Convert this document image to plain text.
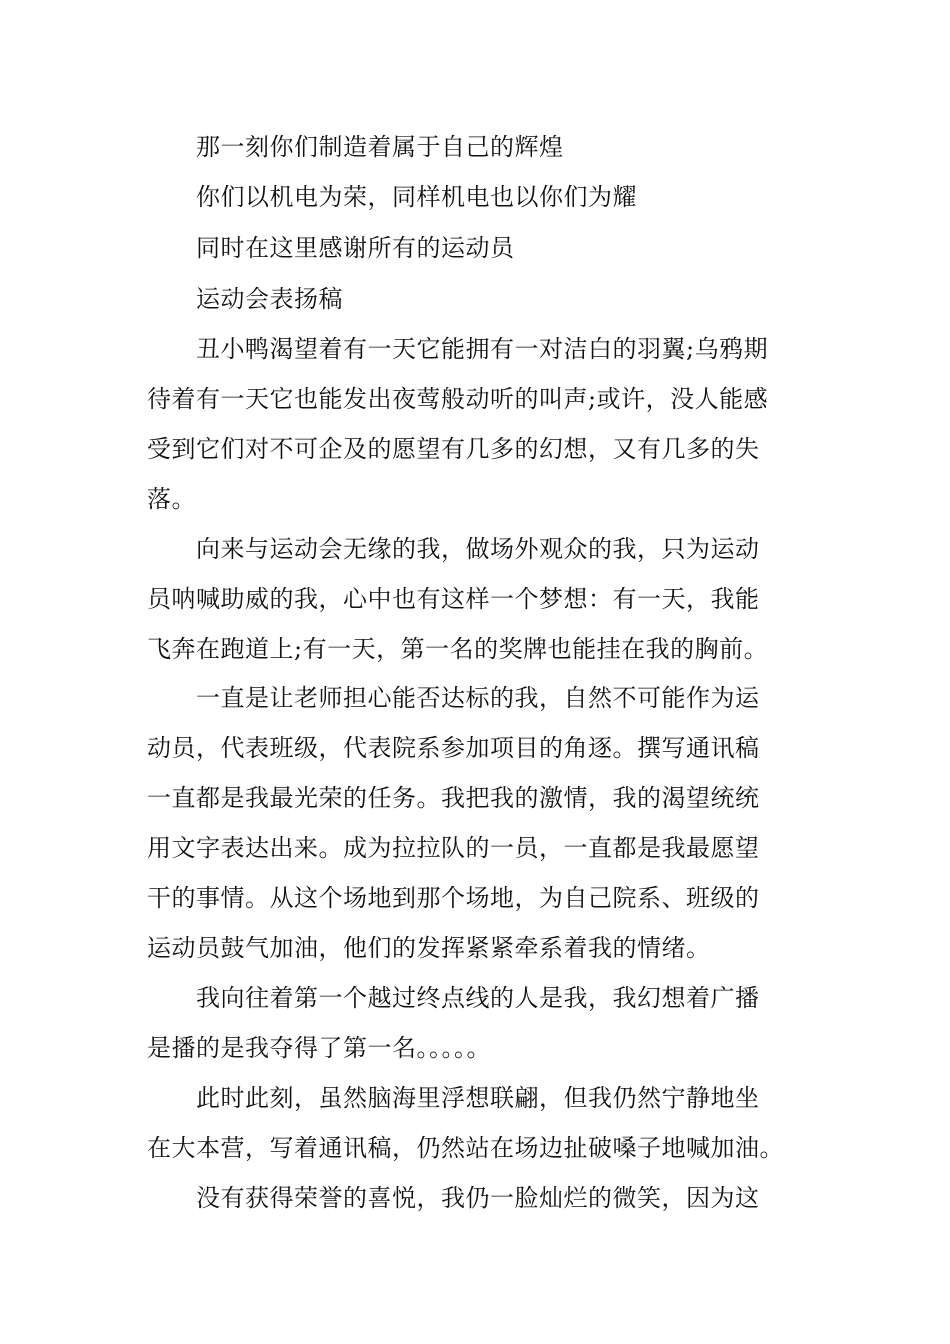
那一刻你们制造着属于自己的辉煌

你们以机电为荣，同样机电也以你们为耀

同时在这里感谢所有的运动员

运动会表扬稿

丑小鸭渴望着有一天它能拥有一对洁白的羽翼;乌鸦期

待着有一天它也能发出夜莺般动听的叫声;或许，没人能感

受到它们对不可企及的愿望有几多的幻想，又有几多的失

落。

向来与运动会无缘的我，做场外观众的我，只为运动

员呐喊助威的我，心中也有这样一个梦想：有一天，我能

飞奔在跑道上;有一天，第一名的奖牌也能挂在我的胸前。

一直是让老师担心能否达标的我，自然不可能作为运

动员，代表班级，代表院系参加项目的角逐。撰写通讯稿

一直都是我最光荣的任务。我把我的激情，我的渴望统统

用文字表达出来。成为拉拉队的一员，一直都是我最愿望

干的事情。从这个场地到那个场地，为自己院系、班级的

运动员鼓气加油，他们的发挥紧紧牵系着我的情绪。

我向往着第一个越过终点线的人是我，我幻想着广播

是播的是我夺得了第一名。。。。。

此时此刻，虽然脑海里浮想联翩，但我仍然宁静地坐

在大本营，写着通讯稿，仍然站在场边扯破嗓子地喊加油。

没有获得荣誉的喜悦，我仍一脸灿烂的微笑，因为这
